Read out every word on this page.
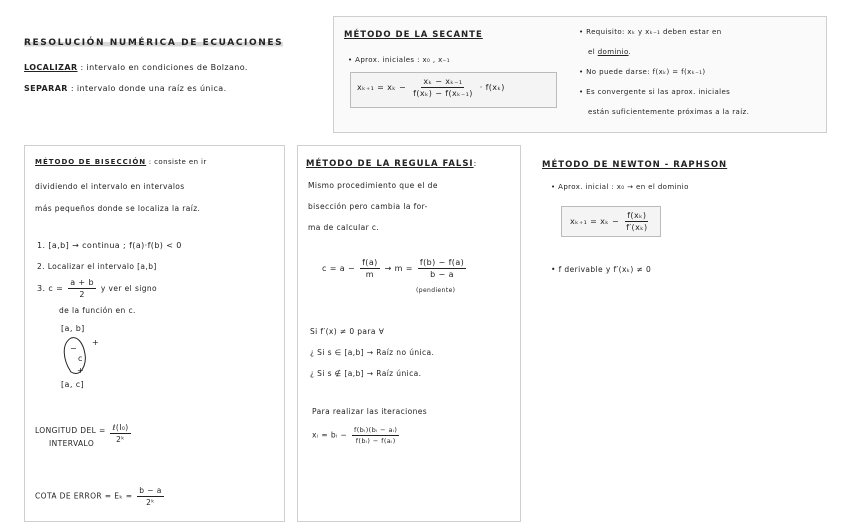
RESOLUCIÓN NUMÉRICA DE ECUACIONES
LOCALIZAR : intervalo en condiciones de Bolzano.
SEPARAR : intervalo donde una raíz es única.
MÉTODO DE LA SECANTE
• Aprox. iniciales : x₀ , x₋₁
$x_{k+1} = x_k - \frac{\text{xₖ − xₖ₋₁}}{\text{f(xₖ) − f(xₖ₋₁)}} \cdot f(x_k)$
• Requisito: xₖ y xₖ₋₁ deben estar en
el dominio.
• No puede darse: f(xₖ) = f(xₖ₋₁)
• Es convergente si las aprox. iniciales
están suficientemente próximas a la raíz.
MÉTODO DE BISECCIÓN : consiste en ir
dividiendo el intervalo en intervalos
más pequeños donde se localiza la raíz.
1. [a,b] → continua ; f(a)·f(b) < 0
2. Localizar el intervalo [a,b]
3. $c = \frac{a + b}{2}$ y ver el signo
de la función en c.
[a, b]
−
+
c
+
[a, c]
LONGITUD DEL =
INTERVALO
	$\frac{\text{ℓ(I₀)}}{\text{2ᵏ}}$
COTA DE ERROR = $E_k = \frac{b - a}{\text{2ᵏ}}$
MÉTODO DE LA REGULA FALSI:
Mismo procedimiento que el de
bisección pero cambia la for-
ma de calcular c.
$c = a - \frac{f(a)}{m} \to m = \frac{f(b) - f(a)}{b - a}$
(pendiente)
Si f′(x) ≠ 0 para ∀
¿ Si s ∈ [a,b] → Raíz no única.
¿ Si s ∉ [a,b] → Raíz única.
Para realizar las iteraciones
xᵢ = bᵢ − $\frac{\text{f(bᵢ)(bᵢ − aᵢ)}}{\text{f(bᵢ) − f(aᵢ)}}$
MÉTODO DE NEWTON - RAPHSON
• Aprox. inicial : x₀ → en el dominio
$x_{k+1} = x_k - \frac{\text{f(xₖ)}}{\text{f′(xₖ)}}$
• f derivable y f′(xₖ) ≠ 0
